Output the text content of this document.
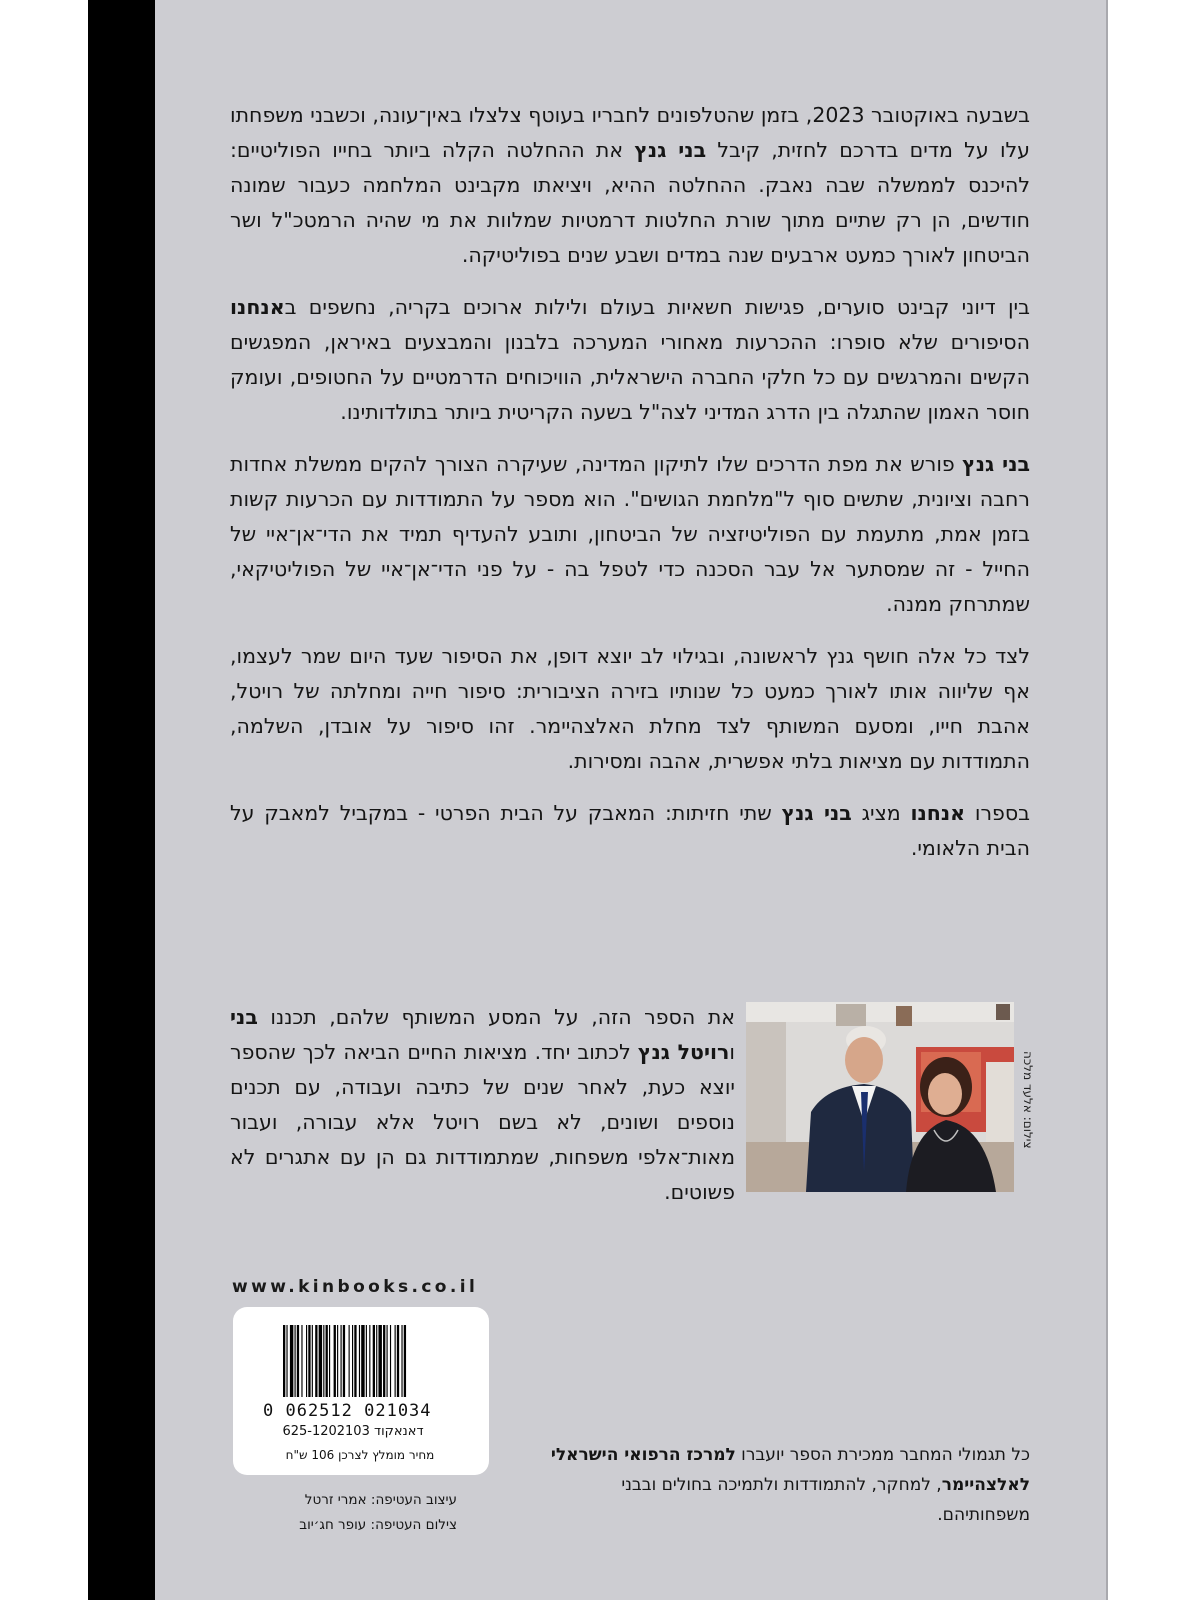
בשבעה באוקטובר 2023, בזמן שהטלפונים לחבריו בעוטף צלצלו באין־עונה, וכשבני משפחתו עלו על מדים בדרכם לחזית, קיבל בני גנץ את ההחלטה הקלה ביותר בחייו הפוליטיים: להיכנס לממשלה שבה נאבק. ההחלטה ההיא, ויציאתו מקבינט המלחמה כעבור שמונה חודשים, הן רק שתיים מתוך שורת החלטות דרמטיות שמלוות את מי שהיה הרמטכ"ל ושר הביטחון לאורך כמעט ארבעים שנה במדים ושבע שנים בפוליטיקה.

בין דיוני קבינט סוערים, פגישות חשאיות בעולם ולילות ארוכים בקריה, נחשפים באנחנו הסיפורים שלא סופרו: ההכרעות מאחורי המערכה בלבנון והמבצעים באיראן, המפגשים הקשים והמרגשים עם כל חלקי החברה הישראלית, הוויכוחים הדרמטיים על החטופים, ועומק חוסר האמון שהתגלה בין הדרג המדיני לצה"ל בשעה הקריטית ביותר בתולדותינו.

בני גנץ פורש את מפת הדרכים שלו לתיקון המדינה, שעיקרה הצורך להקים ממשלת אחדות רחבה וציונית, שתשים סוף ל"מלחמת הגושים". הוא מספר על התמודדות עם הכרעות קשות בזמן אמת, מתעמת עם הפוליטיזציה של הביטחון, ותובע להעדיף תמיד את הדי־אן־איי של החייל - זה שמסתער אל עבר הסכנה כדי לטפל בה - על פני הדי־אן־איי של הפוליטיקאי, שמתרחק ממנה.

לצד כל אלה חושף גנץ לראשונה, ובגילוי לב יוצא דופן, את הסיפור שעד היום שמר לעצמו, אף שליווה אותו לאורך כמעט כל שנותיו בזירה הציבורית: סיפור חייה ומחלתה של רויטל, אהבת חייו, ומסעם המשותף לצד מחלת האלצהיימר. זהו סיפור על אובדן, השלמה, התמודדות עם מציאות בלתי אפשרית, אהבה ומסירות.

בספרו אנחנו מציג בני גנץ שתי חזיתות: המאבק על הבית הפרטי - במקביל למאבק על הבית הלאומי.

את הספר הזה, על המסע המשותף שלהם, תכננו בני ורויטל גנץ לכתוב יחד. מציאות החיים הביאה לכך שהספר יוצא כעת, לאחר שנים של כתיבה ועבודה, עם תכנים נוספים ושונים, לא בשם רויטל אלא עבורה, ועבור מאות־אלפי משפחות, שמתמודדות גם הן עם אתגרים לא פשוטים.
צילום: אלעד מלכה
www.kinbooks.co.il
0 062512 021034
דאנאקוד 625-1202103
מחיר מומלץ לצרכן 106 ש"ח
עיצוב העטיפה: אמרי זרטל
צילום העטיפה: עופר חג׳יוב
כל תגמולי המחבר ממכירת הספר יועברו למרכז הרפואי הישראלי לאלצהיימר, למחקר, להתמודדות ולתמיכה בחולים ובבני משפחותיהם.
